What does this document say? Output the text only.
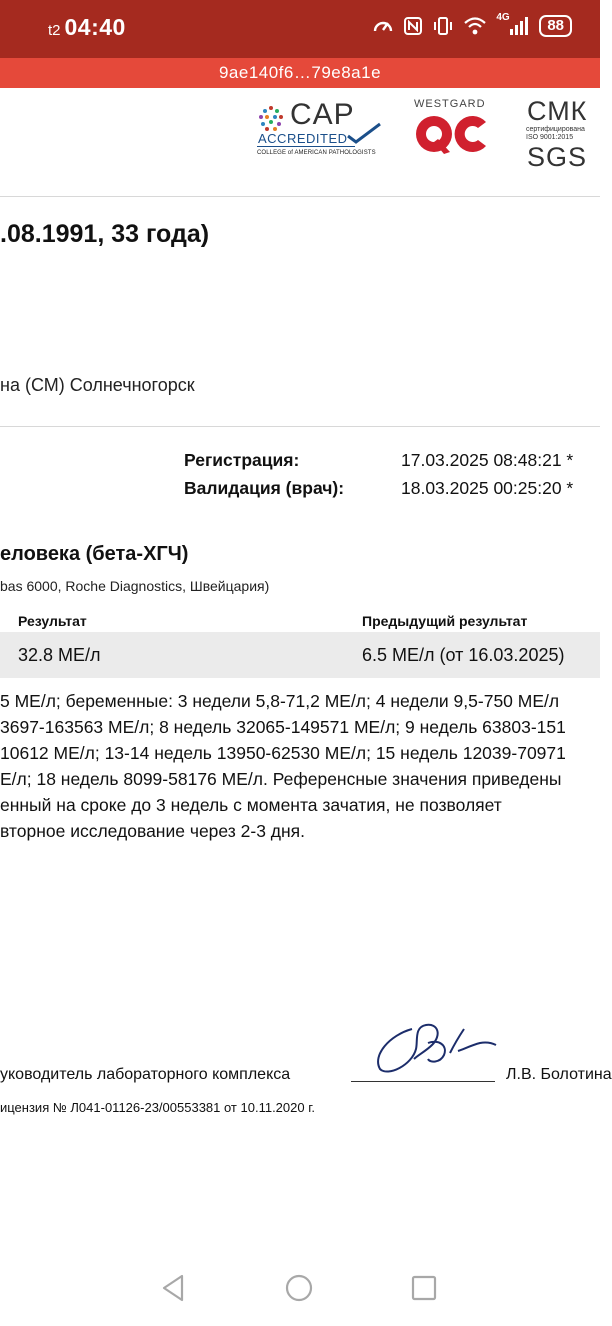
t2 04:40	4G	88
9ae140f6…79e8a1e
CAP
ACCREDITED
COLLEGE of AMERICAN PATHOLOGISTS
WESTGARD СМК
сертифицирована
ISO 9001:2015
SGS
.08.1991, 33 года)
на (СМ) Солнечногорск
Регистрация:	17.03.2025 08:48:21 *
Валидация (врач):	18.03.2025 00:25:20 *
еловека (бета-ХГЧ)
bas 6000, Roche Diagnostics, Швейцария)
Результат	Предыдущий результат
32.8 МЕ/л	6.5 МЕ/л (от 16.03.2025)
5 МЕ/л; беременные: 3 недели 5,8-71,2 МЕ/л; 4 недели 9,5-750 МЕ/л
3697-163563 МЕ/л; 8 недель 32065-149571 МЕ/л; 9 недель 63803-151
10612 МЕ/л; 13-14 недель 13950-62530 МЕ/л; 15 недель 12039-70971
Е/л; 18 недель 8099-58176 МЕ/л. Референсные значения приведены
енный на сроке до 3 недель с момента зачатия, не позволяет
вторное исследование через 2-3 дня.
уководитель лабораторного комплекса	Л.В. Болотина
ицензия № Л041-01126-23/00553381 от 10.11.2020 г.
